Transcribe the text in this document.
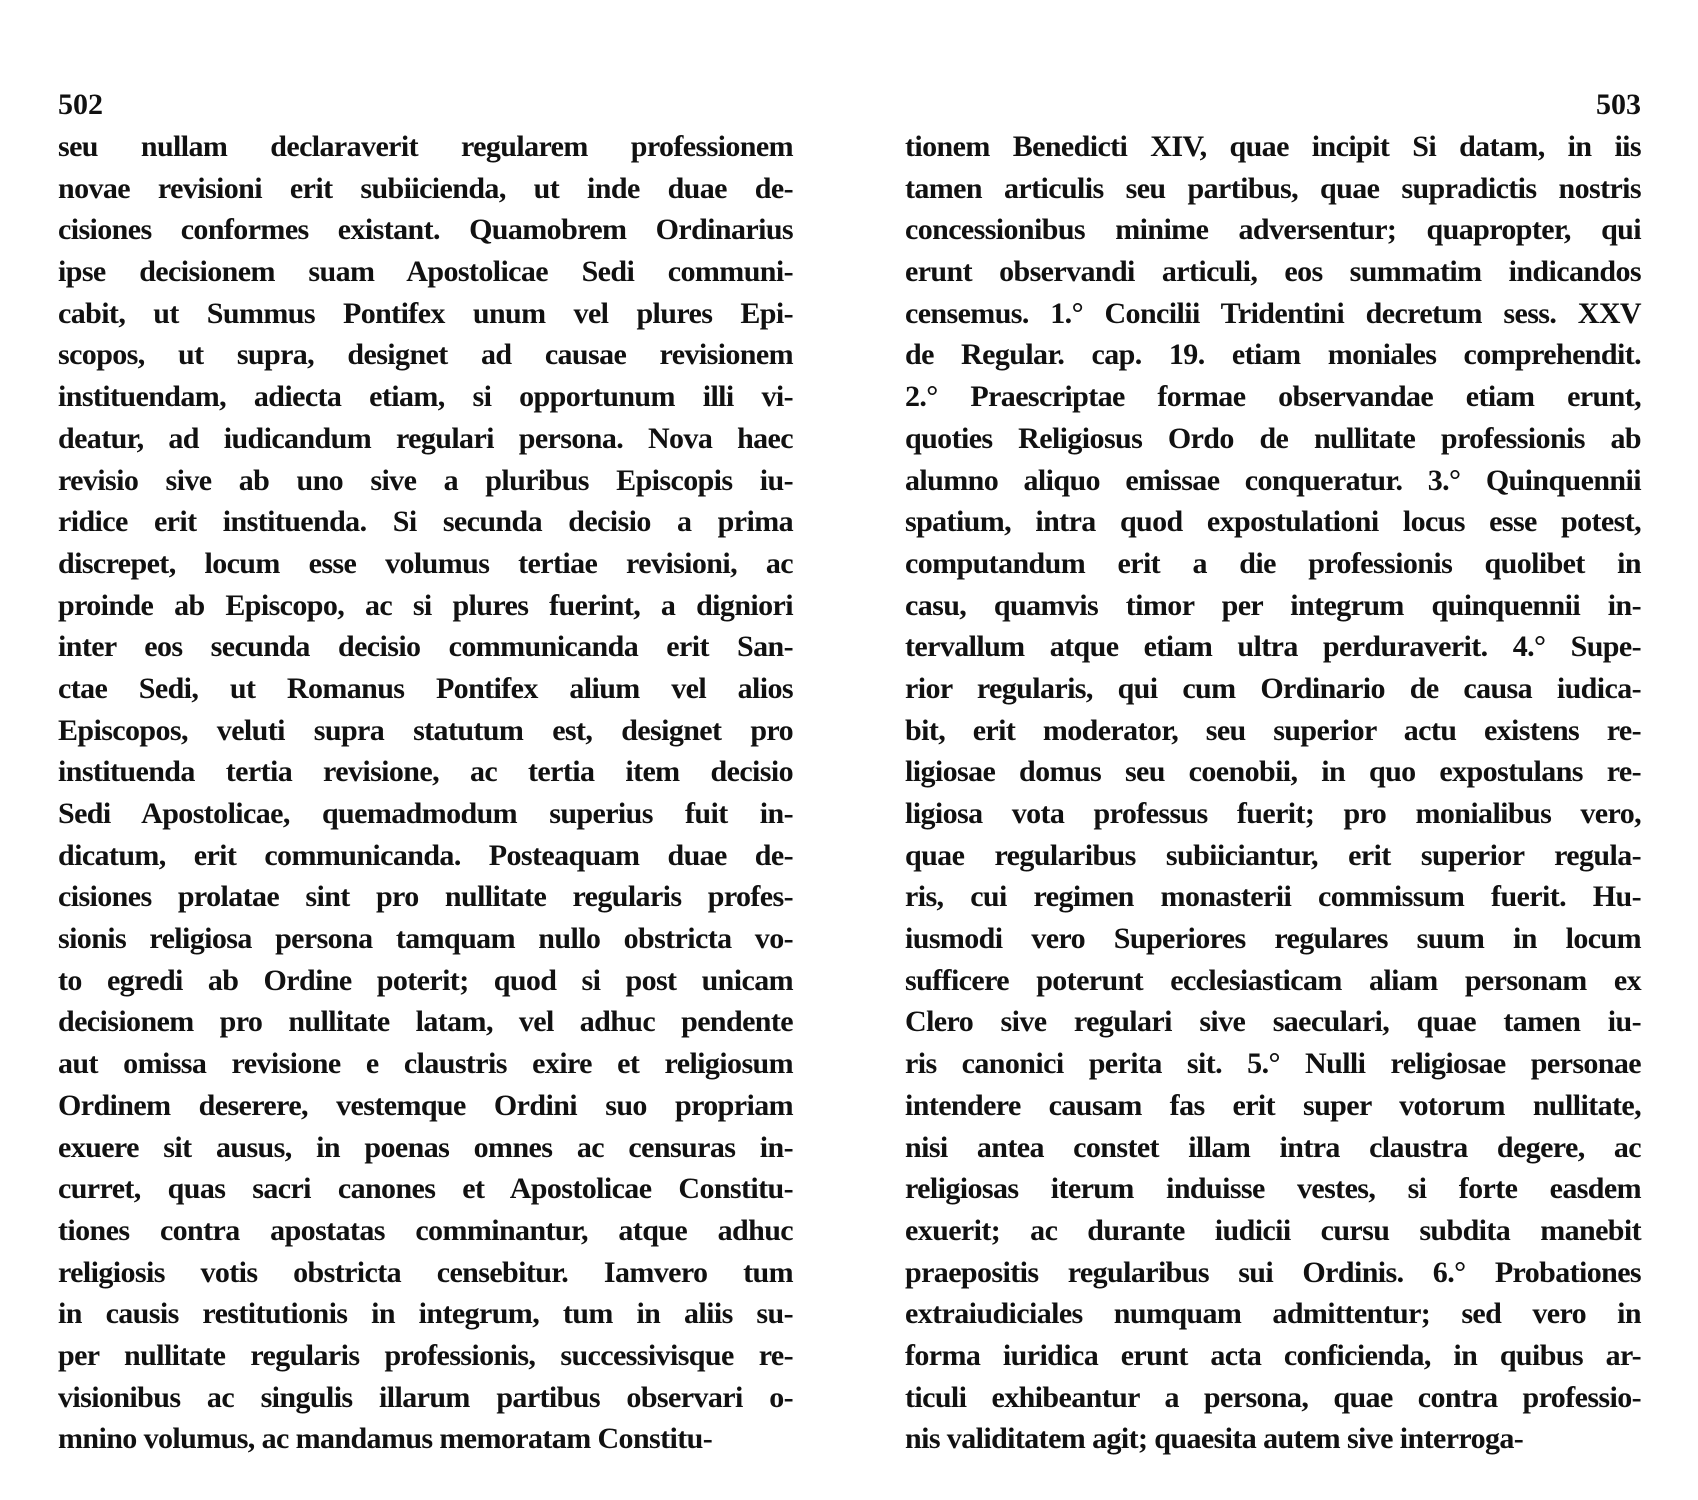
502
seu nullam declaraverit regularem professionem
novae revisioni erit subiicienda, ut inde duae de-
cisiones conformes existant. Quamobrem Ordinarius
ipse decisionem suam Apostolicae Sedi communi-
cabit, ut Summus Pontifex unum vel plures Epi-
scopos, ut supra, designet ad causae revisionem
instituendam, adiecta etiam, si opportunum illi vi-
deatur, ad iudicandum regulari persona. Nova haec
revisio sive ab uno sive a pluribus Episcopis iu-
ridice erit instituenda. Si secunda decisio a prima
discrepet, locum esse volumus tertiae revisioni, ac
proinde ab Episcopo, ac si plures fuerint, a digniori
inter eos secunda decisio communicanda erit San-
ctae Sedi, ut Romanus Pontifex alium vel alios
Episcopos, veluti supra statutum est, designet pro
instituenda tertia revisione, ac tertia item decisio
Sedi Apostolicae, quemadmodum superius fuit in-
dicatum, erit communicanda. Posteaquam duae de-
cisiones prolatae sint pro nullitate regularis profes-
sionis religiosa persona tamquam nullo obstricta vo-
to egredi ab Ordine poterit; quod si post unicam
decisionem pro nullitate latam, vel adhuc pendente
aut omissa revisione e claustris exire et religiosum
Ordinem deserere, vestemque Ordini suo propriam
exuere sit ausus, in poenas omnes ac censuras in-
curret, quas sacri canones et Apostolicae Constitu-
tiones contra apostatas comminantur, atque adhuc
religiosis votis obstricta censebitur. Iamvero tum
in causis restitutionis in integrum, tum in aliis su-
per nullitate regularis professionis, successivisque re-
visionibus ac singulis illarum partibus observari o-
mnino volumus, ac mandamus memoratam Constitu-
503
tionem Benedicti XIV, quae incipit Si datam, in iis
tamen articulis seu partibus, quae supradictis nostris
concessionibus minime adversentur; quapropter, qui
erunt observandi articuli, eos summatim indicandos
censemus. 1.° Concilii Tridentini decretum sess. XXV
de Regular. cap. 19. etiam moniales comprehendit.
2.° Praescriptae formae observandae etiam erunt,
quoties Religiosus Ordo de nullitate professionis ab
alumno aliquo emissae conqueratur. 3.° Quinquennii
spatium, intra quod expostulationi locus esse potest,
computandum erit a die professionis quolibet in
casu, quamvis timor per integrum quinquennii in-
tervallum atque etiam ultra perduraverit. 4.° Supe-
rior regularis, qui cum Ordinario de causa iudica-
bit, erit moderator, seu superior actu existens re-
ligiosae domus seu coenobii, in quo expostulans re-
ligiosa vota professus fuerit; pro monialibus vero,
quae regularibus subiiciantur, erit superior regula-
ris, cui regimen monasterii commissum fuerit. Hu-
iusmodi vero Superiores regulares suum in locum
sufficere poterunt ecclesiasticam aliam personam ex
Clero sive regulari sive saeculari, quae tamen iu-
ris canonici perita sit. 5.° Nulli religiosae personae
intendere causam fas erit super votorum nullitate,
nisi antea constet illam intra claustra degere, ac
religiosas iterum induisse vestes, si forte easdem
exuerit; ac durante iudicii cursu subdita manebit
praepositis regularibus sui Ordinis. 6.° Probationes
extraiudiciales numquam admittentur; sed vero in
forma iuridica erunt acta conficienda, in quibus ar-
ticuli exhibeantur a persona, quae contra professio-
nis validitatem agit; quaesita autem sive interroga-
